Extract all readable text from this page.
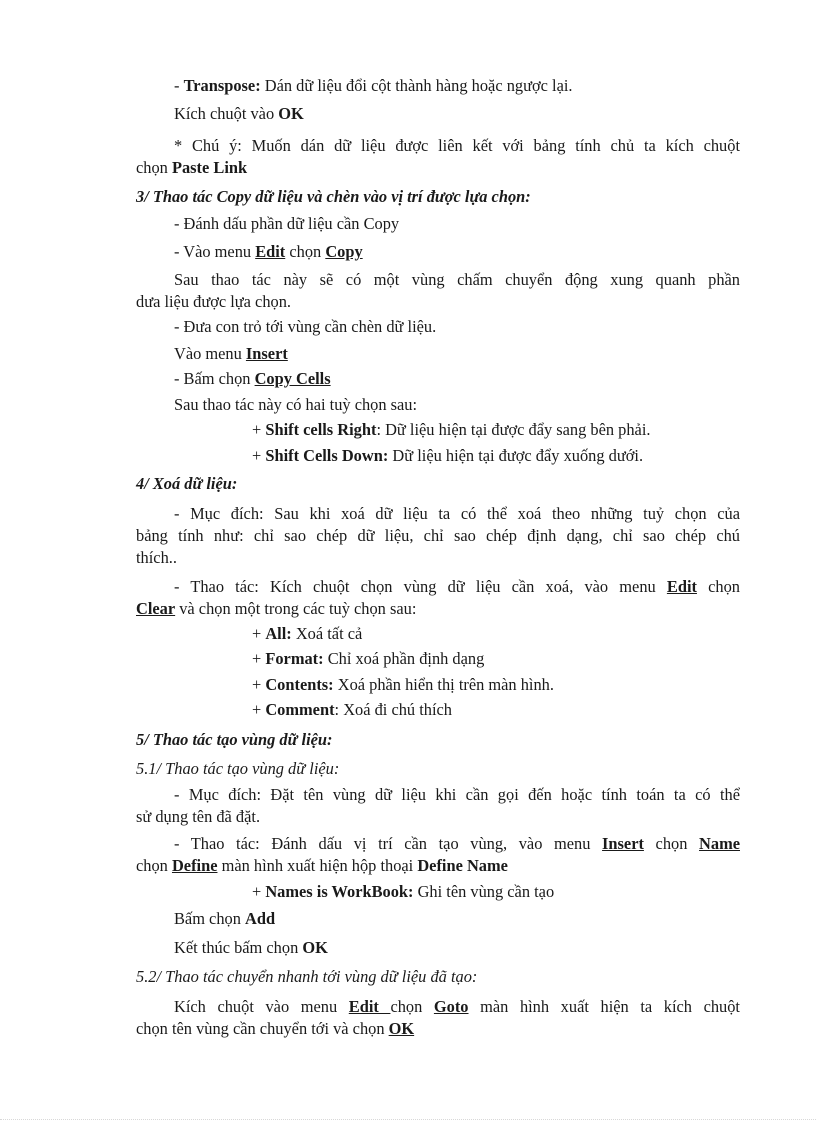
- Transpose: Dán dữ liệu đổi cột thành hàng hoặc ngược lại.
Kích chuột vào OK
* Chú ý: Muốn dán dữ liệu được liên kết với bảng tính chủ ta kích chuột
chọn Paste Link
3/ Thao tác Copy dữ liệu và chèn vào vị trí được lựa chọn:
- Đánh dấu phần dữ liệu cần Copy
- Vào menu Edit chọn Copy
Sau thao tác này sẽ có một vùng chấm chuyển động xung quanh phần
dưa liệu được lựa chọn.
- Đưa con trỏ tới vùng cần chèn dữ liệu.
Vào menu Insert
- Bấm chọn Copy Cells
Sau thao tác này có hai tuỳ chọn sau:
+ Shift cells Right: Dữ liệu hiện tại được đẩy sang bên phải.
+ Shift Cells Down: Dữ liệu hiện tại được đẩy xuống dưới.
4/ Xoá dữ liệu:
- Mục đích: Sau khi xoá dữ liệu ta có thể xoá theo những tuỷ chọn của
bảng tính như: chỉ sao chép dữ liệu, chỉ sao chép định dạng, chỉ sao chép chú
thích..
- Thao tác: Kích chuột chọn vùng dữ liệu cần xoá, vào menu Edit chọn
Clear và chọn một trong các tuỳ chọn sau:
+ All: Xoá tất cả
+ Format: Chỉ xoá phần định dạng
+ Contents: Xoá phần hiển thị trên màn hình.
+ Comment: Xoá đi chú thích
5/ Thao tác tạo vùng dữ liệu:
5.1/ Thao tác tạo vùng dữ liệu:
- Mục đích: Đặt tên vùng dữ liệu khi cần gọi đến hoặc tính toán ta có thể
sử dụng tên đã đặt.
- Thao tác: Đánh dấu vị trí cần tạo vùng, vào menu Insert chọn Name
chọn Define màn hình xuất hiện hộp thoại Define Name
+ Names is WorkBook: Ghi tên vùng cần tạo
Bấm chọn Add
Kết thúc bấm chọn OK
5.2/ Thao tác chuyển nhanh tới vùng dữ liệu đã tạo:
Kích chuột vào menu Edit chọn Goto màn hình xuất hiện ta kích chuột
chọn tên vùng cần chuyển tới và chọn OK
